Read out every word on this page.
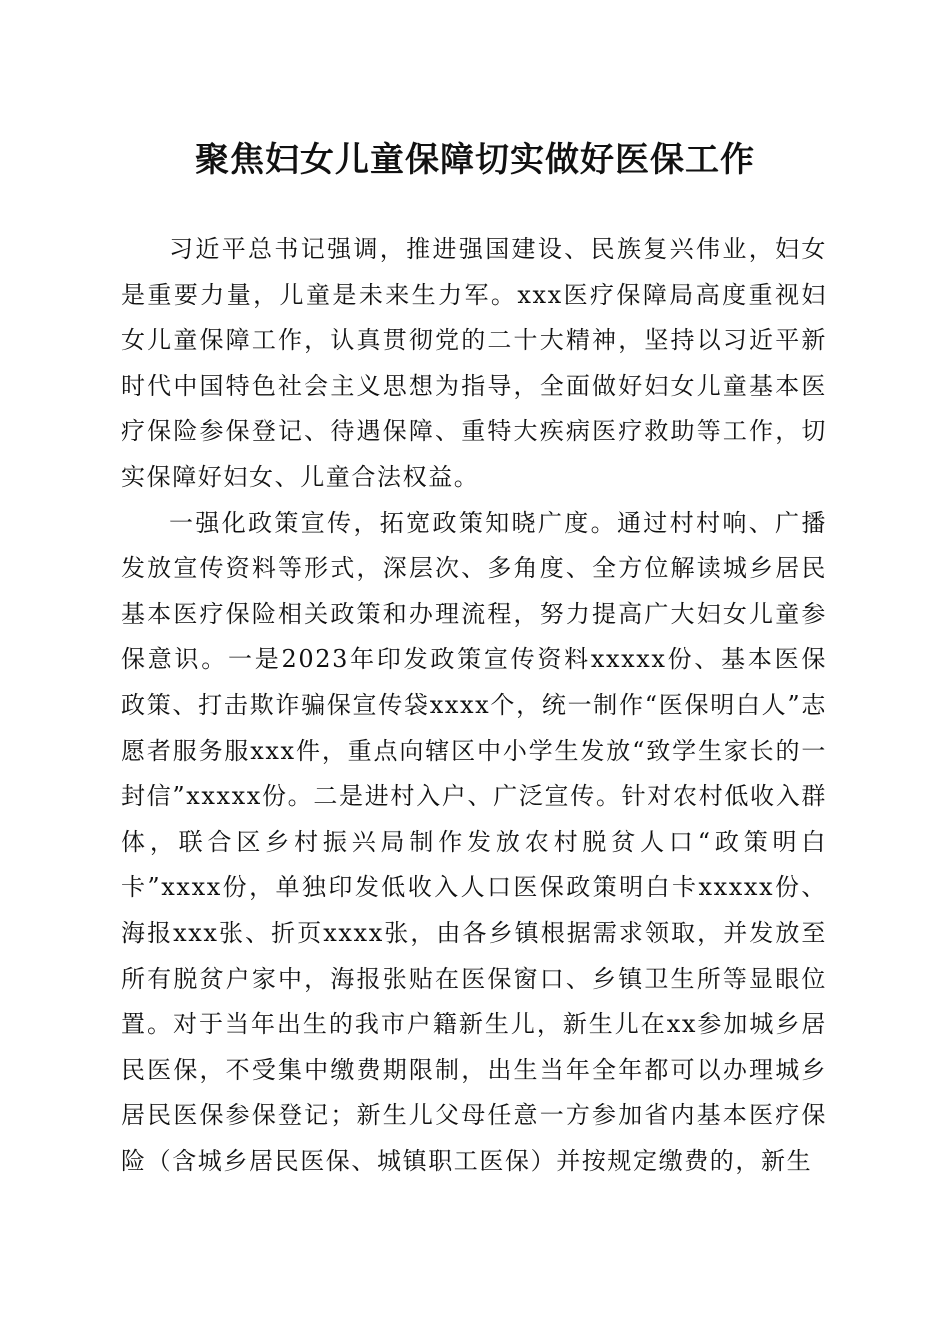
聚焦妇女儿童保障切实做好医保工作

习近平总书记强调，推进强国建设、民族复兴伟业，妇女是重要力量，儿童是未来生力军。xxx医疗保障局高度重视妇女儿童保障工作，认真贯彻党的二十大精神，坚持以习近平新时代中国特色社会主义思想为指导，全面做好妇女儿童基本医疗保险参保登记、待遇保障、重特大疾病医疗救助等工作，切实保障好妇女、儿童合法权益。

一强化政策宣传，拓宽政策知晓广度。通过村村响、广播发放宣传资料等形式，深层次、多角度、全方位解读城乡居民基本医疗保险相关政策和办理流程，努力提高广大妇女儿童参保意识。一是2023年印发政策宣传资料xxxxx份、基本医保政策、打击欺诈骗保宣传袋xxxx个，统一制作“医保明白人”志愿者服务服xxx件，重点向辖区中小学生发放“致学生家长的一封信”xxxxx份。二是进村入户、广泛宣传。针对农村低收入群体，联合区乡村振兴局制作发放农村脱贫人口“政策明白卡”xxxx份，单独印发低收入人口医保政策明白卡xxxxx份、海报xxx张、折页xxxx张，由各乡镇根据需求领取，并发放至所有脱贫户家中，海报张贴在医保窗口、乡镇卫生所等显眼位置。对于当年出生的我市户籍新生儿，新生儿在xx参加城乡居民医保，不受集中缴费期限制，出生当年全年都可以办理城乡居民医保参保登记；新生儿父母任意一方参加省内基本医疗保险（含城乡居民医保、城镇职工医保）并按规定缴费的，新生
